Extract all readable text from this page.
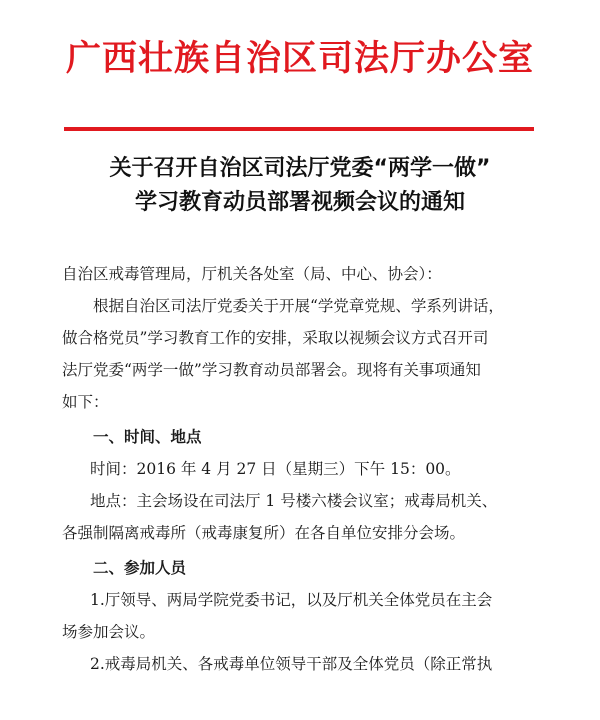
广西壮族自治区司法厅办公室
关于召开自治区司法厅党委“两学一做”
学习教育动员部署视频会议的通知

自治区戒毒管理局，厅机关各处室（局、中心、协会）：

根据自治区司法厅党委关于开展“学党章党规、学系列讲话，

做合格党员”学习教育工作的安排，采取以视频会议方式召开司

法厅党委“两学一做”学习教育动员部署会。现将有关事项通知

如下：

一、时间、地点

时间：2016 年 4 月 27 日（星期三）下午 15：00。

地点：主会场设在司法厅 1 号楼六楼会议室；戒毒局机关、

各强制隔离戒毒所（戒毒康复所）在各自单位安排分会场。

二、参加人员

1.厅领导、两局学院党委书记，以及厅机关全体党员在主会

场参加会议。

2.戒毒局机关、各戒毒单位领导干部及全体党员（除正常执
